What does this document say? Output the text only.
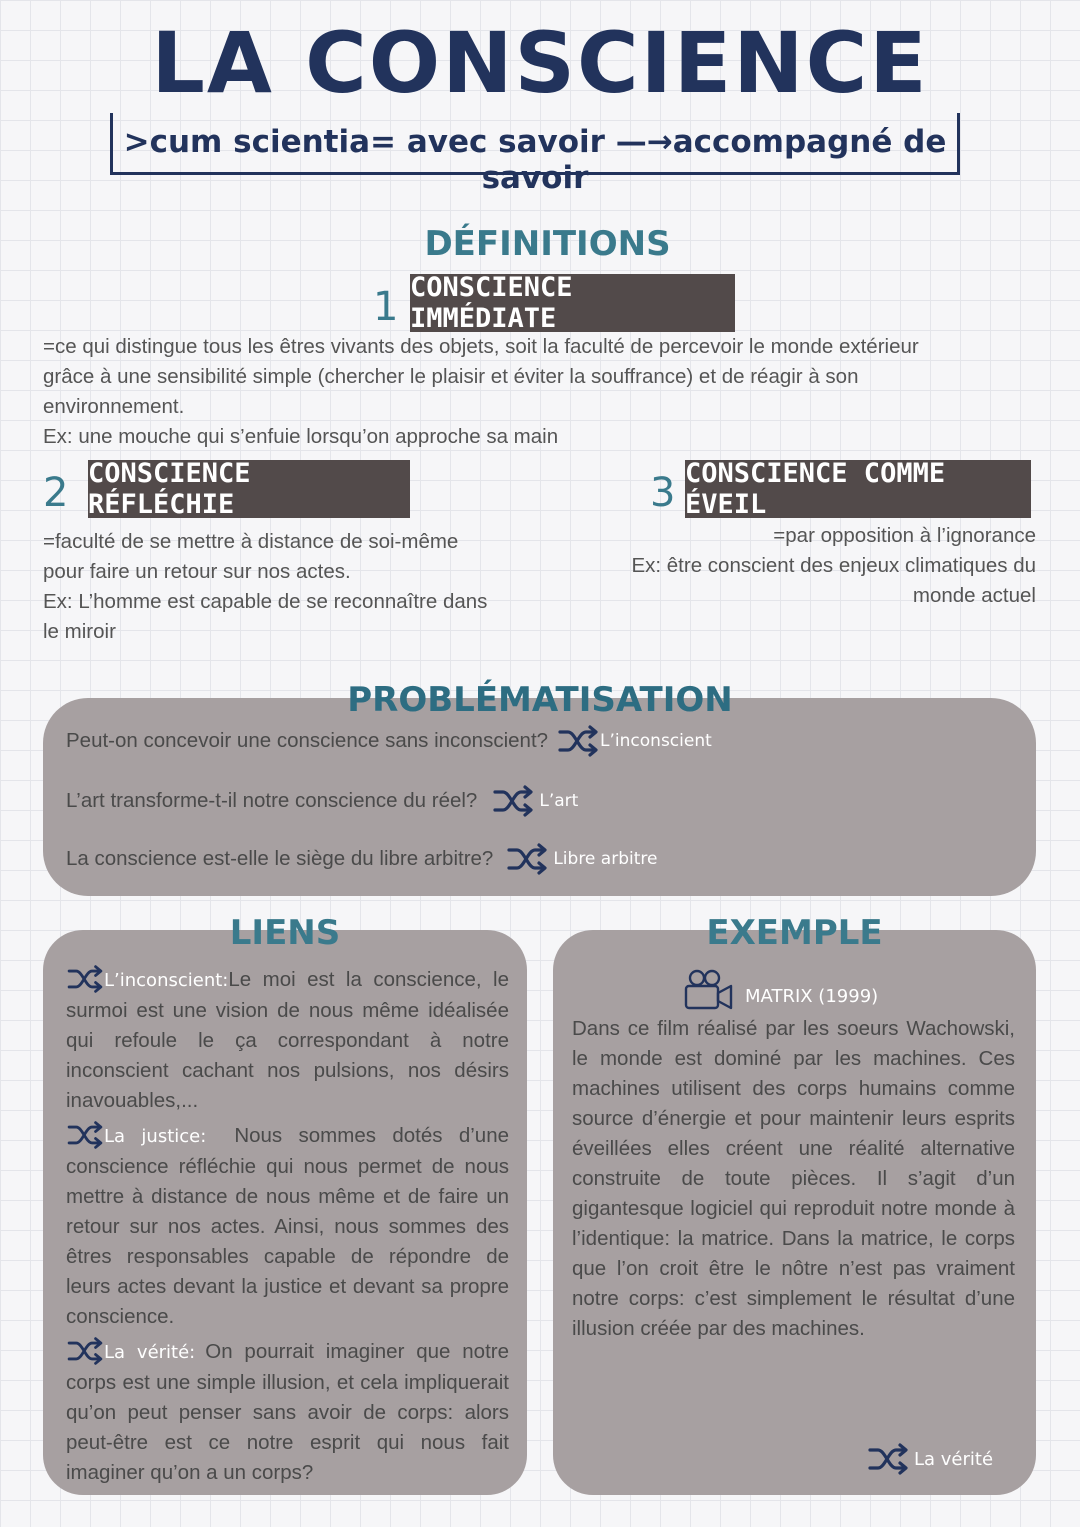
LA CONSCIENCE
>cum scientia= avec savoir —→accompagné de savoir
DÉFINITIONS
1 CONSCIENCE IMMÉDIATE
=ce qui distingue tous les êtres vivants des objets, soit la faculté de percevoir le monde extérieur
grâce à une sensibilité simple (chercher le plaisir et éviter la souffrance) et de réagir à son
environnement.
Ex: une mouche qui s’enfuie lorsqu’on approche sa main
2 CONSCIENCE RÉFLÉCHIE
=faculté de se mettre à distance de soi-même
pour faire un retour sur nos actes.
Ex: L’homme est capable de se reconnaître dans
le miroir
3 CONSCIENCE COMME ÉVEIL
=par opposition à l’ignorance
Ex: être conscient des enjeux climatiques du
monde actuel
PROBLÉMATISATION
Peut-on concevoir une conscience sans inconscient?	L’inconscient
L’art transforme-t-il notre conscience du réel?	L’art
La conscience est-elle le siège du libre arbitre?	Libre arbitre
LIENS
L’inconscient:Le moi est la conscience, le surmoi est une vision de nous même idéalisée qui refoule le ça correspondant à notre inconscient cachant nos pulsions, nos désirs inavouables,...
La justice: Nous sommes dotés d’une conscience réfléchie qui nous permet de nous mettre à distance de nous même et de faire un retour sur nos actes. Ainsi, nous sommes des êtres responsables capable de répondre de leurs actes devant la justice et devant sa propre conscience.
La vérité: On pourrait imaginer que notre corps est une simple illusion, et cela impliquerait qu’on peut penser sans avoir de corps: alors peut-être est ce notre esprit qui nous fait imaginer qu’on a un corps?
EXEMPLE
MATRIX (1999)
Dans ce film réalisé par les soeurs Wachowski, le monde est dominé par les machines. Ces machines utilisent des corps humains comme source d’énergie et pour maintenir leurs esprits éveillées elles créent une réalité alternative construite de toute pièces. Il s’agit d’un gigantesque logiciel qui reproduit notre monde à l’identique: la matrice. Dans la matrice, le corps que l’on croit être le nôtre n’est pas vraiment notre corps: c’est simplement le résultat d’une illusion créée par des machines.
La vérité
